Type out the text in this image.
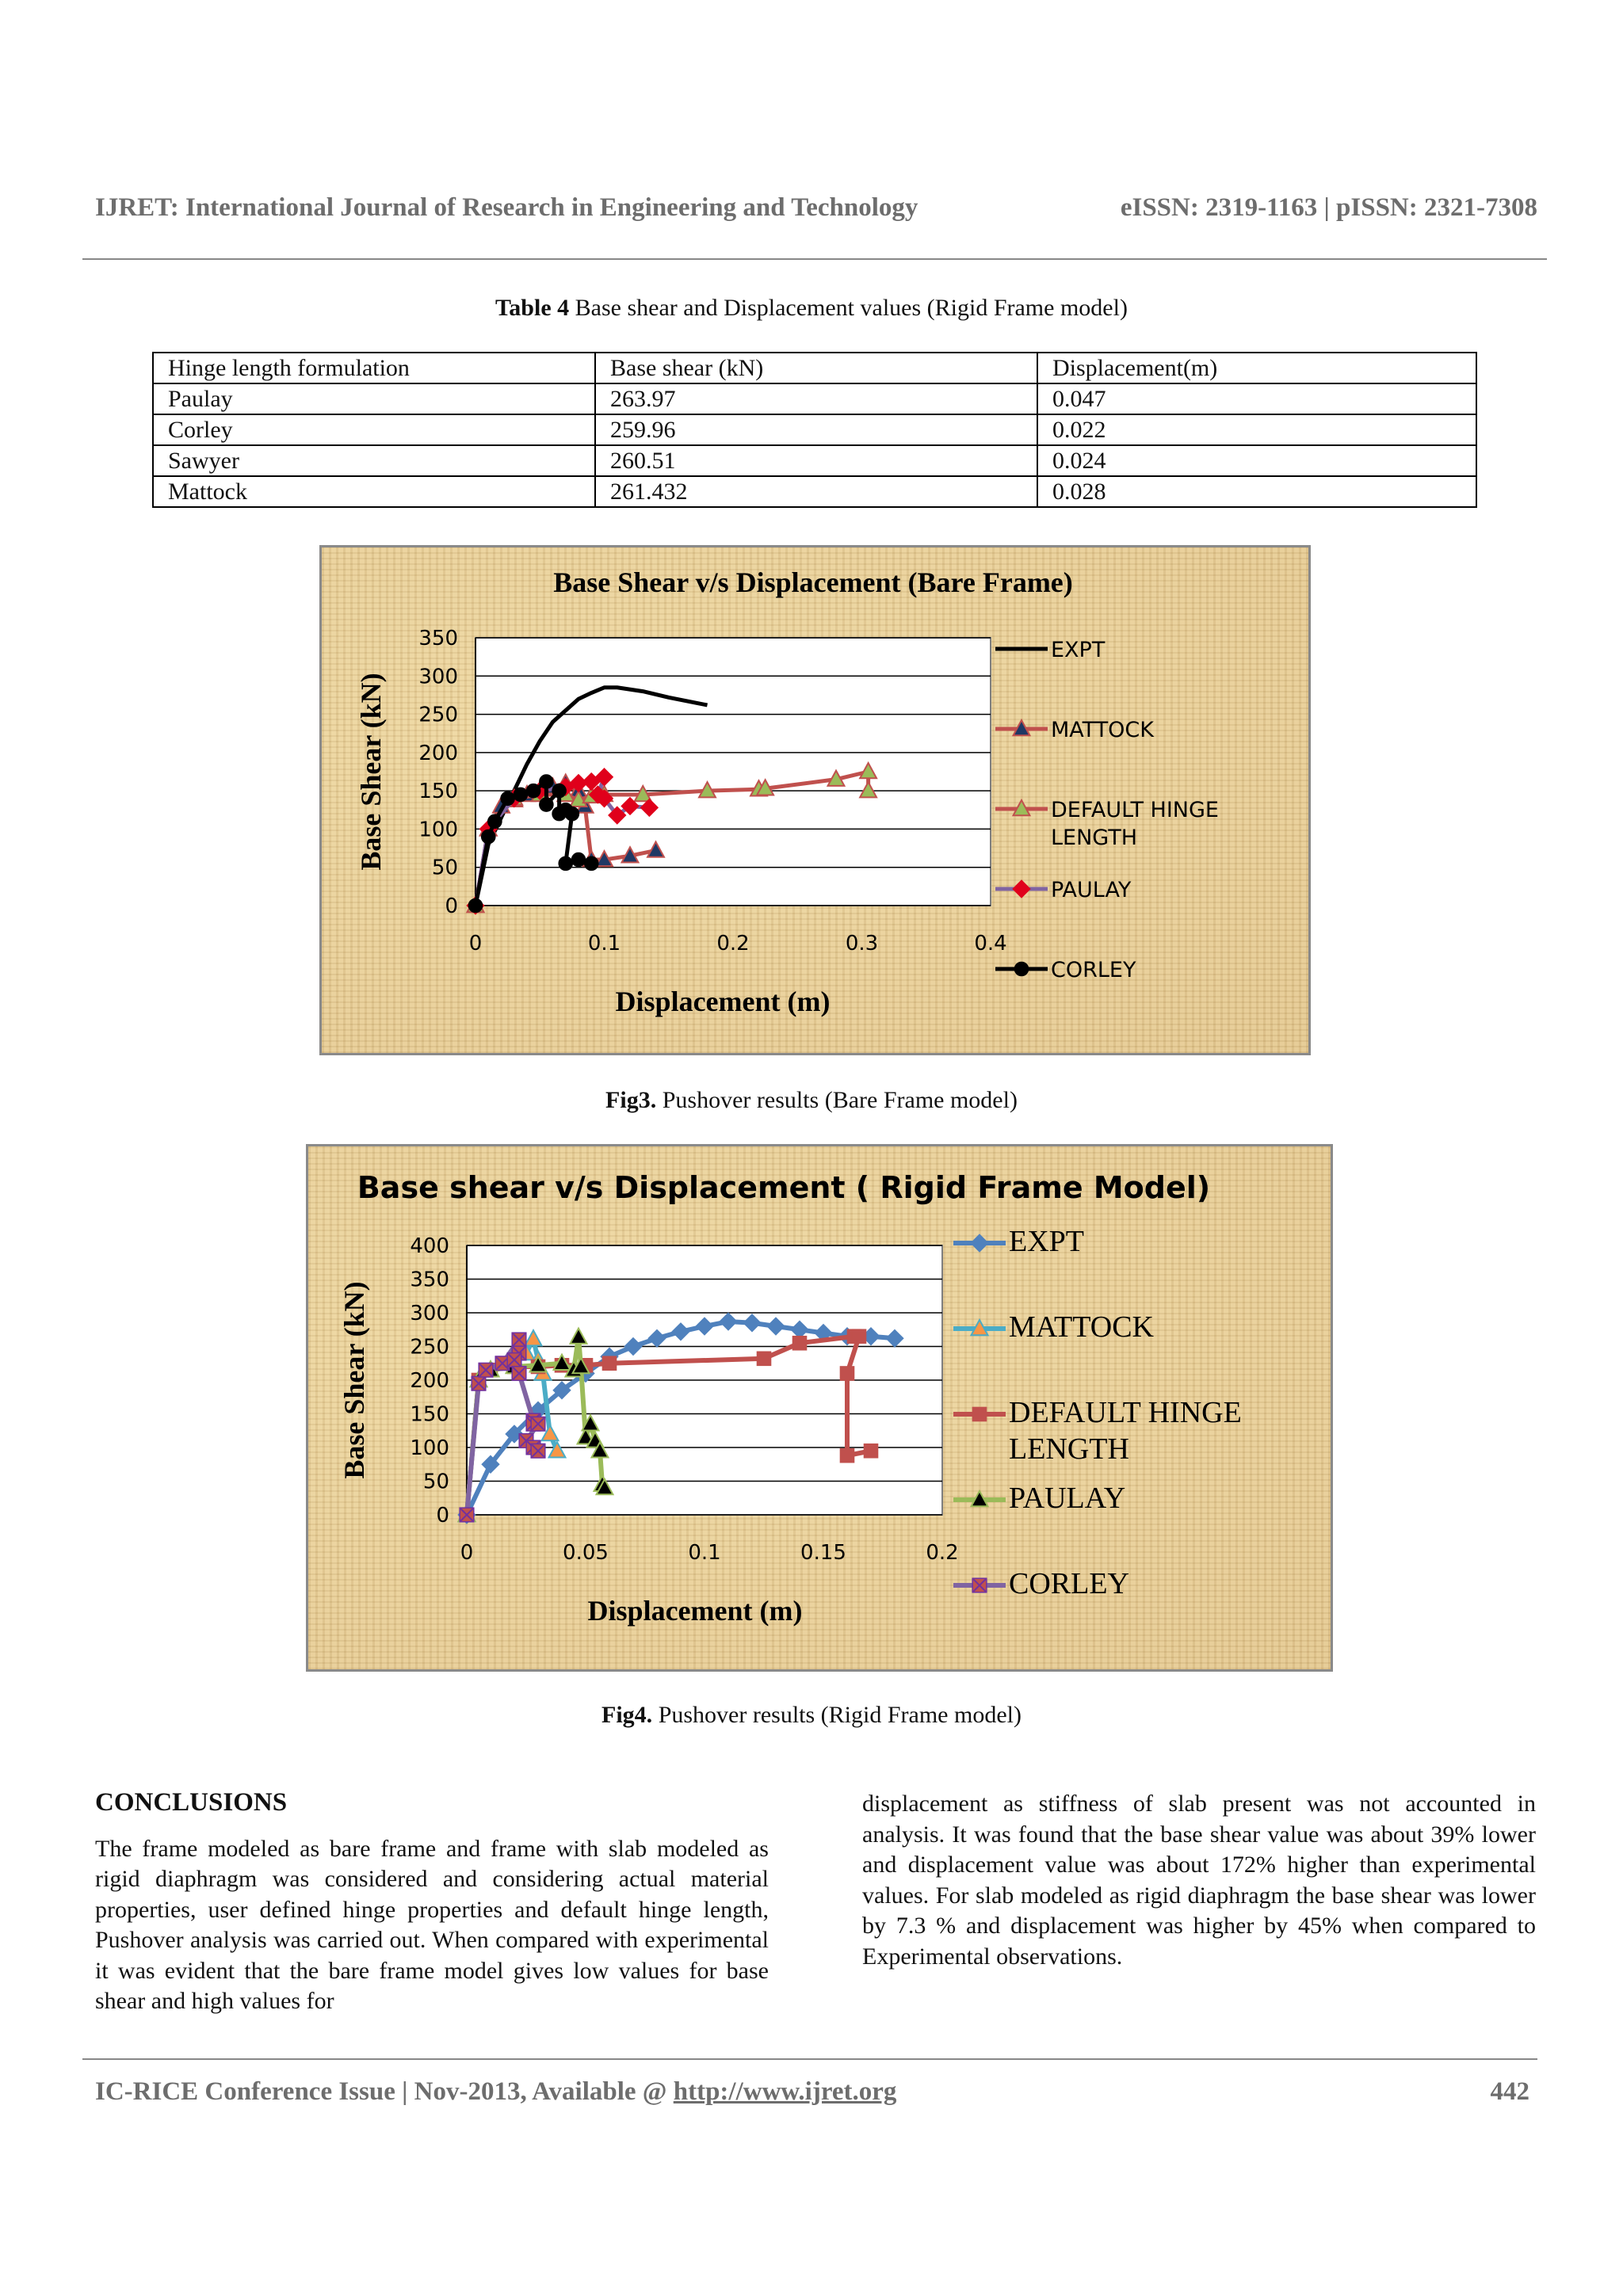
IJRET: International Journal of Research in Engineering and Technology	eISSN: 2319-1163 | pISSN: 2321-7308
Table 4 Base shear and Displacement values (Rigid Frame model)
Hinge length formulation	Base shear (kN)	Displacement(m)
Paulay	263.97	0.047
Corley	259.96	0.022
Sawyer	260.51	0.024
Mattock	261.432	0.028
0
50
100
150
200
250
300
350
0	0.1	0.2	0.3	0.4
Base Shear v/s Displacement (Bare Frame)
Displacement (m)
Base Shear (kN)
EXPT
MATTOCK
DEFAULT HINGE
LENGTH
PAULAY
CORLEY
Fig3. Pushover results (Bare Frame model)
0
50
100
150
200
250
300
350
400
0	0.05	0.1	0.15	0.2
Base shear v/s Displacement ( Rigid Frame Model)
Displacement (m)
Base Shear (kN)
EXPT
MATTOCK
DEFAULT HINGE
LENGTH
PAULAY
CORLEY
Fig4. Pushover results (Rigid Frame model)
CONCLUSIONS

The frame modeled as bare frame and frame with slab modeled as rigid diaphragm was considered and considering actual material properties, user defined hinge properties and default hinge length, Pushover analysis was carried out. When compared with experimental it was evident that the bare frame model gives low values for base shear and high values for

displacement as stiffness of slab present was not accounted in analysis. It was found that the base shear value was about 39% lower and displacement value was about 172% higher than experimental values. For slab modeled as rigid diaphragm the base shear was lower by 7.3 % and displacement was higher by 45% when compared to Experimental observations.

IC-RICE Conference Issue | Nov-2013, Available @ http://www.ijret.org	442
